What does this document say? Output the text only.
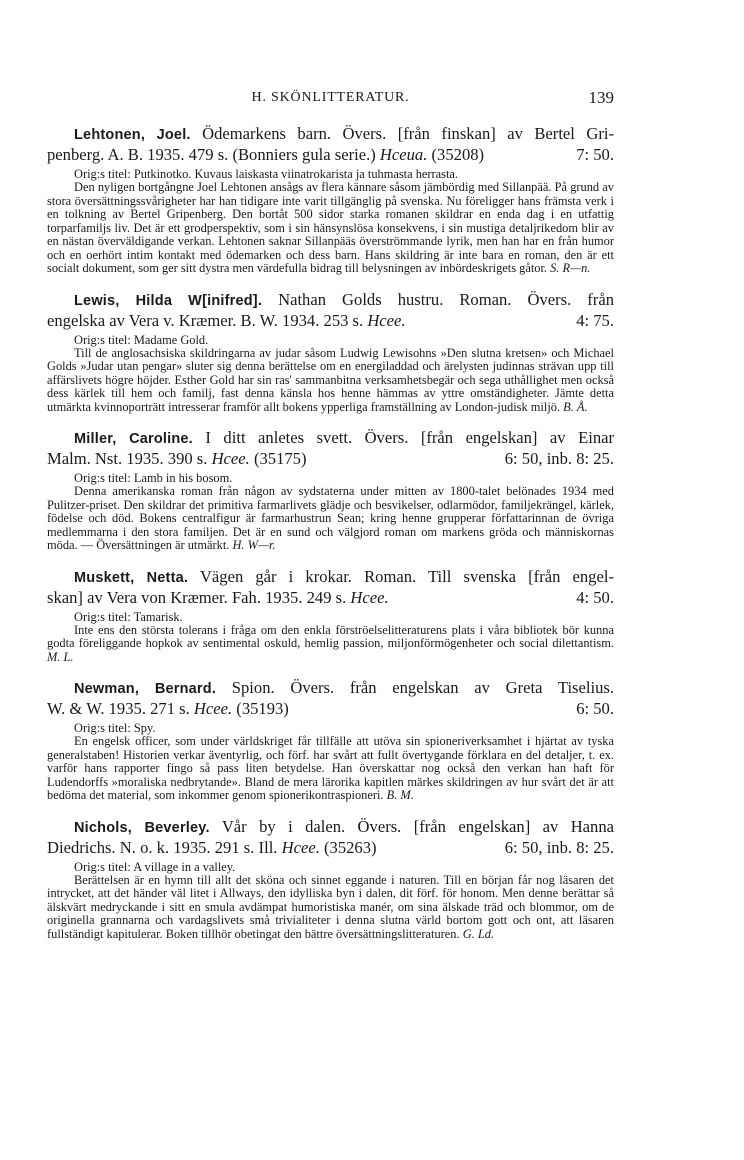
H. SKÖNLITTERATUR.	139
Lehtonen, Joel. Ödemarkens barn. Övers. [från finskan] av Bertel Gri-
penberg. A. B. 1935. 479 s. (Bonniers gula serie.) Hceua. (35208)	7: 50.
Orig:s titel: Putkinotko. Kuvaus laiskasta viinatrokarista ja tuhmasta herrasta.

Den nyligen bortgångne Joel Lehtonen ansågs av flera kännare såsom jämbördig med Sillanpää. På grund av stora översättningssvårigheter har han tidigare inte varit tillgänglig på svenska. Nu föreligger hans främsta verk i en tolkning av Bertel Gripenberg. Den bortåt 500 sidor starka romanen skildrar en enda dag i en utfattig torparfamiljs liv. Det är ett grodperspektiv, som i sin hänsynslösa konsekvens, i sin mustiga detaljrikedom blir av en nästan överväldigande verkan. Lehtonen saknar Sillanpääs överströmmande lyrik, men han har en från humor och en oerhört intim kontakt med ödemarken och dess barn. Hans skildring är inte bara en roman, den är ett socialt dokument, som ger sitt dystra men värdefulla bidrag till belysningen av inbördeskrigets gåtor. S. R—n.

Lewis, Hilda W[inifred]. Nathan Golds hustru. Roman. Övers. från
engelska av Vera v. Kræmer. B. W. 1934. 253 s. Hcee.	4: 75.
Orig:s titel: Madame Gold.

Till de anglosachsiska skildringarna av judar såsom Ludwig Lewisohns »Den slutna kretsen» och Michael Golds »Judar utan pengar» sluter sig denna berättelse om en energiladdad och ärelysten judinnas strävan upp till affärslivets högre höjder. Esther Gold har sin ras' sammanbitna verksamhetsbegär och sega uthållighet men också dess kärlek till hem och familj, fast denna känsla hos henne hämmas av yttre omständigheter. Jämte detta utmärkta kvinnoporträtt intresserar framför allt bokens ypperliga framställning av London-judisk miljö. B. Å.

Miller, Caroline. I ditt anletes svett. Övers. [från engelskan] av Einar
Malm. Nst. 1935. 390 s. Hcee. (35175)	6: 50, inb. 8: 25.
Orig:s titel: Lamb in his bosom.

Denna amerikanska roman från någon av sydstaterna under mitten av 1800-talet belönades 1934 med Pulitzer-priset. Den skildrar det primitiva farmarlivets glädje och besvikelser, odlarmödor, familjekrängel, kärlek, födelse och död. Bokens centralfigur är farmarhustrun Sean; kring henne grupperar författarinnan de övriga medlemmarna i den stora familjen. Det är en sund och välgjord roman om markens gröda och människornas möda. — Översättningen är utmärkt. H. W—r.

Muskett, Netta. Vägen går i krokar. Roman. Till svenska [från engel-
skan] av Vera von Kræmer. Fah. 1935. 249 s. Hcee.	4: 50.
Orig:s titel: Tamarisk.

Inte ens den största tolerans i fråga om den enkla förströelselitteraturens plats i våra bibliotek bör kunna godta föreliggande hopkok av sentimental oskuld, hemlig passion, miljonförmögenheter och social dilettantism. M. L.

Newman, Bernard. Spion. Övers. från engelskan av Greta Tiselius.
W. & W. 1935. 271 s. Hcee. (35193)	6: 50.
Orig:s titel: Spy.

En engelsk officer, som under världskriget får tillfälle att utöva sin spioneriverksamhet i hjärtat av tyska generalstaben! Historien verkar äventyrlig, och förf. har svårt att fullt övertygande förklara en del detaljer, t. ex. varför hans rapporter fingo så pass liten betydelse. Han överskattar nog också den verkan han haft för Ludendorffs »moraliska nedbrytande». Bland de mera lärorika kapitlen märkes skildringen av hur svårt det är att bedöma det material, som inkommer genom spionerikontraspioneri. B. M.

Nichols, Beverley. Vår by i dalen. Övers. [från engelskan] av Hanna
Diedrichs. N. o. k. 1935. 291 s. Ill. Hcee. (35263)	6: 50, inb. 8: 25.
Orig:s titel: A village in a valley.

Berättelsen är en hymn till allt det sköna och sinnet eggande i naturen. Till en början får nog läsaren det intrycket, att det händer väl litet i Allways, den idylliska byn i dalen, dit förf. för honom. Men denne berättar så älskvärt medryckande i sitt en smula avdämpat humoristiska manér, om sina älskade träd och blommor, om de originella grannarna och vardagslivets små trivialiteter i denna slutna värld bortom gott och ont, att läsaren fullständigt kapitulerar. Boken tillhör obetingat den bättre översättningslitteraturen. G. Ld.
